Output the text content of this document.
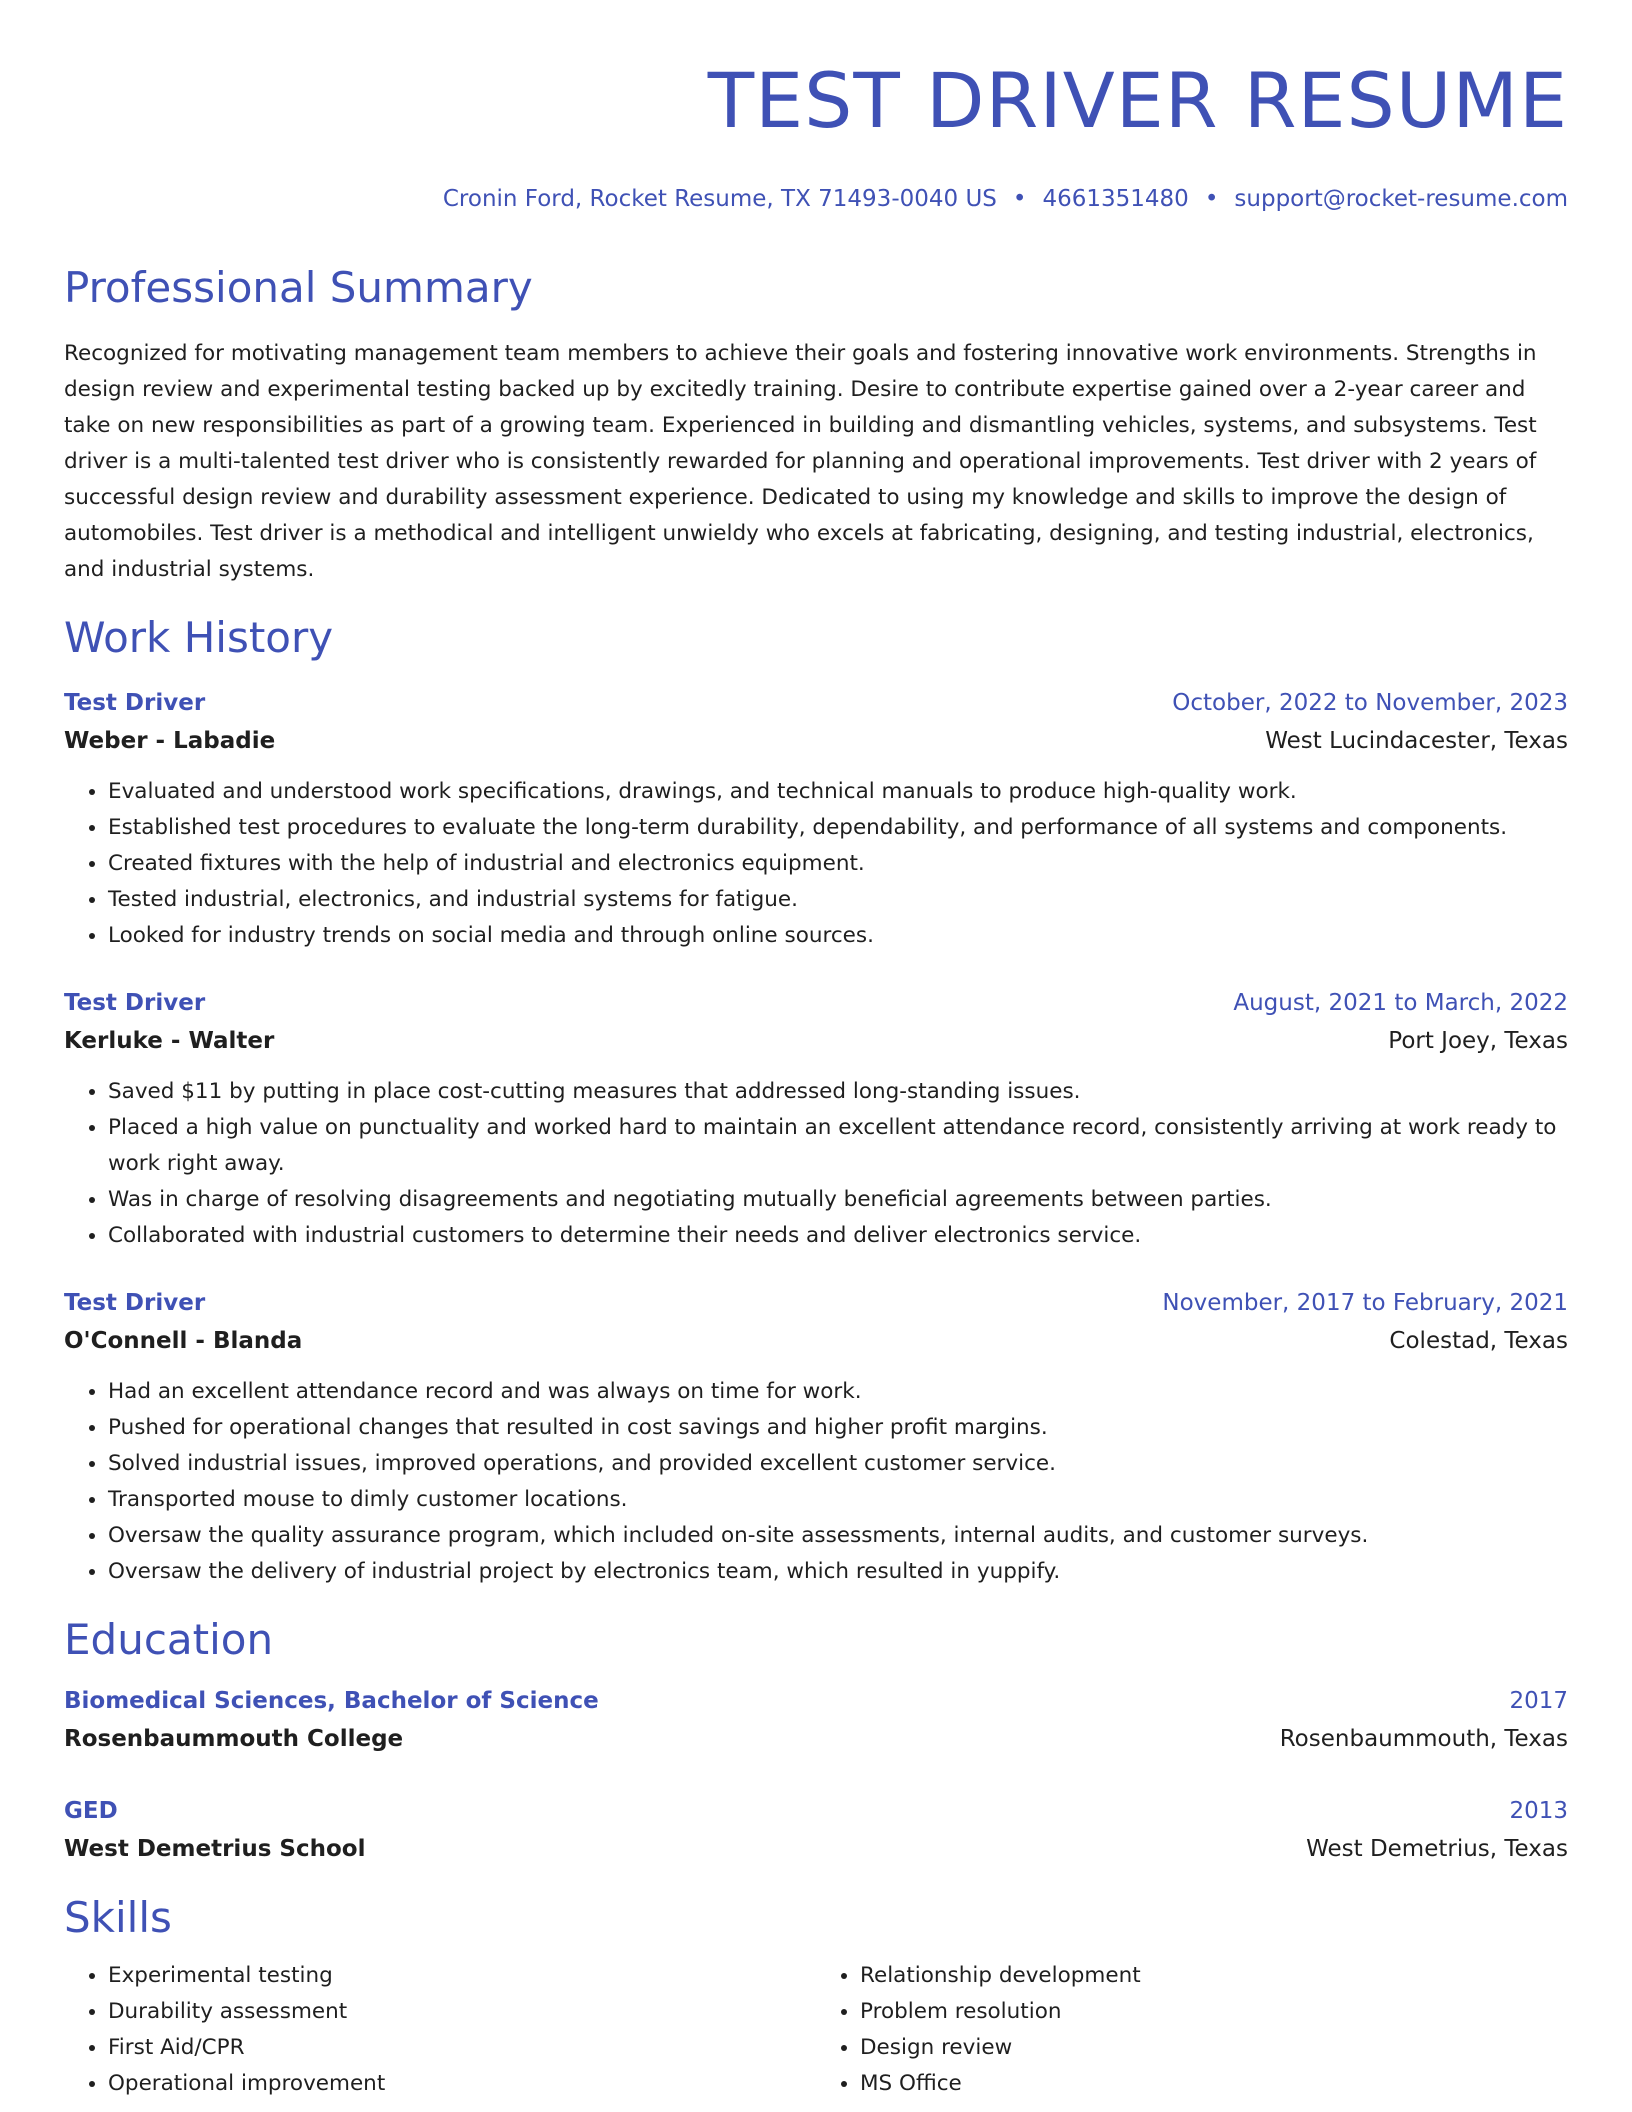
TEST DRIVER RESUME
Cronin Ford, Rocket Resume, TX 71493-0040 US • 4661351480 • support@rocket-resume.com
Professional Summary
Recognized for motivating management team members to achieve their goals and fostering innovative work environments. Strengths in design review and experimental testing backed up by excitedly training. Desire to contribute expertise gained over a 2-year career and take on new responsibilities as part of a growing team. Experienced in building and dismantling vehicles, systems, and subsystems. Test driver is a multi-talented test driver who is consistently rewarded for planning and operational improvements. Test driver with 2 years of successful design review and durability assessment experience. Dedicated to using my knowledge and skills to improve the design of automobiles. Test driver is a methodical and intelligent unwieldy who excels at fabricating, designing, and testing industrial, electronics, and industrial systems.
Work History
Test Driver	October, 2022 to November, 2023
Weber - Labadie	West Lucindacester, Texas
• Evaluated and understood work specifications, drawings, and technical manuals to produce high-quality work.
• Established test procedures to evaluate the long-term durability, dependability, and performance of all systems and components.
• Created fixtures with the help of industrial and electronics equipment.
• Tested industrial, electronics, and industrial systems for fatigue.
• Looked for industry trends on social media and through online sources.
Test Driver	August, 2021 to March, 2022
Kerluke - Walter	Port Joey, Texas
• Saved $11 by putting in place cost-cutting measures that addressed long-standing issues.
• Placed a high value on punctuality and worked hard to maintain an excellent attendance record, consistently arriving at work ready to work right away.
• Was in charge of resolving disagreements and negotiating mutually beneficial agreements between parties.
• Collaborated with industrial customers to determine their needs and deliver electronics service.
Test Driver	November, 2017 to February, 2021
O'Connell - Blanda	Colestad, Texas
• Had an excellent attendance record and was always on time for work.
• Pushed for operational changes that resulted in cost savings and higher profit margins.
• Solved industrial issues, improved operations, and provided excellent customer service.
• Transported mouse to dimly customer locations.
• Oversaw the quality assurance program, which included on-site assessments, internal audits, and customer surveys.
• Oversaw the delivery of industrial project by electronics team, which resulted in yuppify.
Education
Biomedical Sciences, Bachelor of Science	2017
Rosenbaummouth College	Rosenbaummouth, Texas
GED	2013
West Demetrius School	West Demetrius, Texas
Skills
• Experimental testing
• Durability assessment
• First Aid/CPR
• Operational improvement
• Relationship development
• Problem resolution
• Design review
• MS Office
